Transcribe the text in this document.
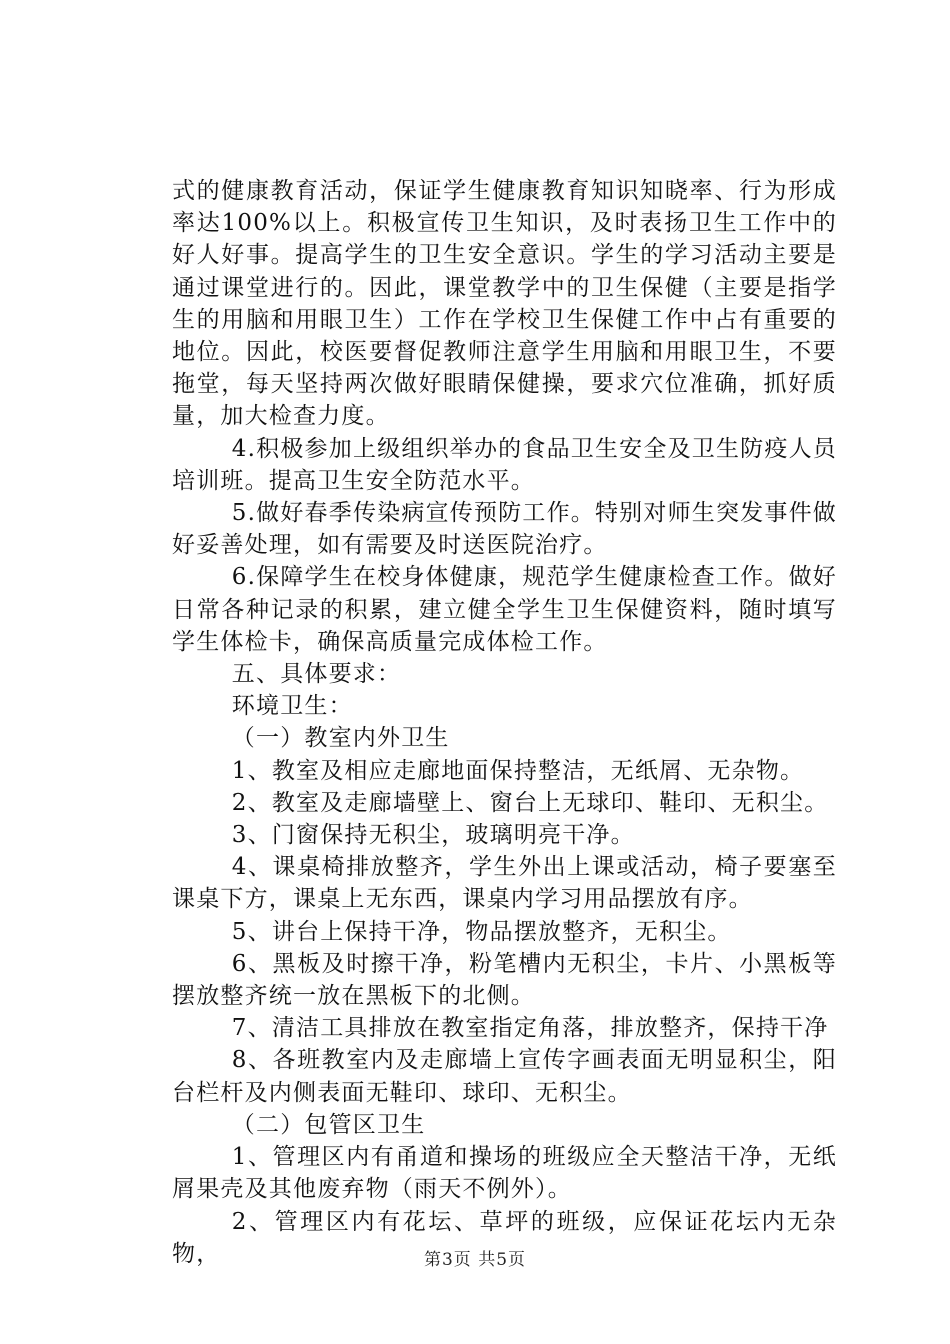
式的健康教育活动，保证学生健康教育知识知晓率、行为形成率达100%以上。积极宣传卫生知识，及时表扬卫生工作中的好人好事。提高学生的卫生安全意识。学生的学习活动主要是通过课堂进行的。因此，课堂教学中的卫生保健（主要是指学生的用脑和用眼卫生）工作在学校卫生保健工作中占有重要的地位。因此，校医要督促教师注意学生用脑和用眼卫生，不要拖堂，每天坚持两次做好眼睛保健操，要求穴位准确，抓好质量，加大检查力度。

4.积极参加上级组织举办的食品卫生安全及卫生防疫人员培训班。提高卫生安全防范水平。

5.做好春季传染病宣传预防工作。特别对师生突发事件做好妥善处理，如有需要及时送医院治疗。

6.保障学生在校身体健康，规范学生健康检查工作。做好日常各种记录的积累，建立健全学生卫生保健资料，随时填写学生体检卡，确保高质量完成体检工作。

五、具体要求：

环境卫生：

（一）教室内外卫生

1、教室及相应走廊地面保持整洁，无纸屑、无杂物。

2、教室及走廊墙壁上、窗台上无球印、鞋印、无积尘。

3、门窗保持无积尘，玻璃明亮干净。

4、课桌椅排放整齐，学生外出上课或活动，椅子要塞至课桌下方，课桌上无东西，课桌内学习用品摆放有序。

5、讲台上保持干净，物品摆放整齐，无积尘。

6、黑板及时擦干净，粉笔槽内无积尘，卡片、小黑板等摆放整齐统一放在黑板下的北侧。

7、清洁工具排放在教室指定角落，排放整齐，保持干净

8、各班教室内及走廊墙上宣传字画表面无明显积尘，阳台栏杆及内侧表面无鞋印、球印、无积尘。

（二）包管区卫生

1、管理区内有甬道和操场的班级应全天整洁干净，无纸屑果壳及其他废弃物（雨天不例外）。

2、管理区内有花坛、草坪的班级，应保证花坛内无杂物，	第3页 共5页
